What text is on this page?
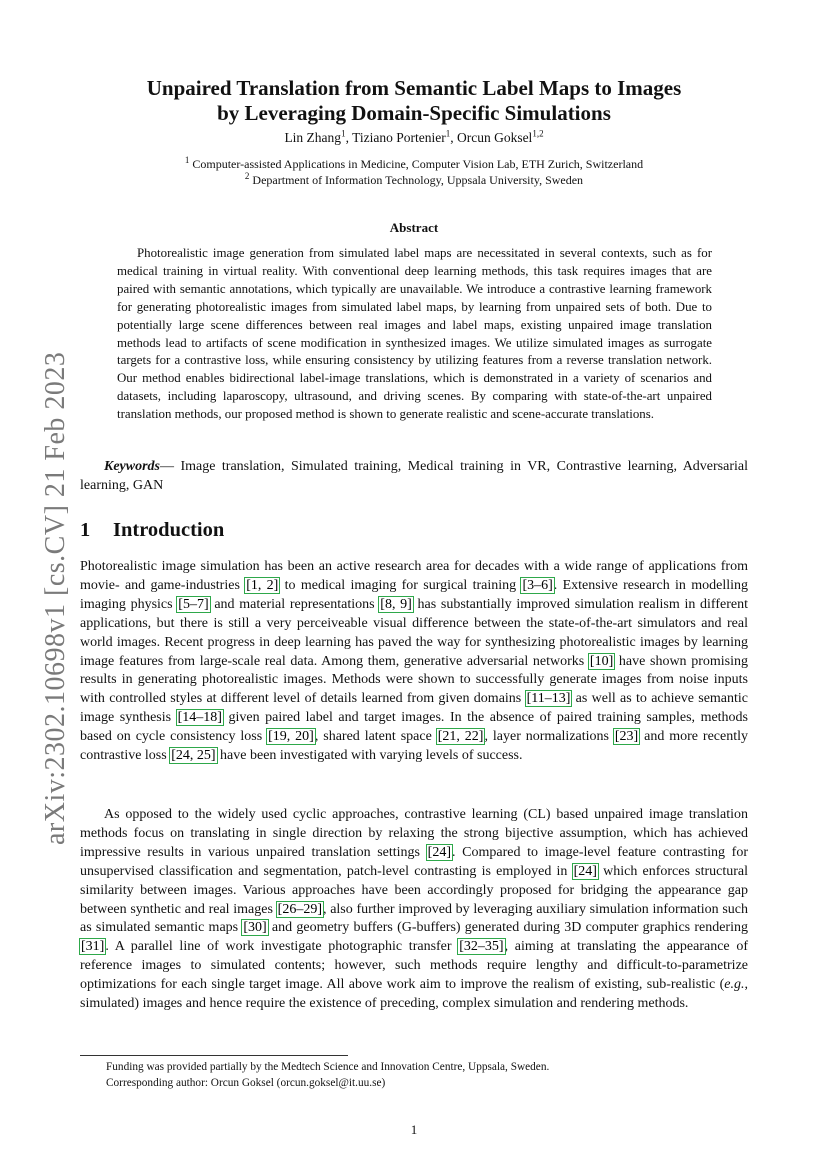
arXiv:2302.10698v1 [cs.CV] 21 Feb 2023
Unpaired Translation from Semantic Label Maps to Images
by Leveraging Domain-Specific Simulations
Lin Zhang$^1$, Tiziano Portenier$^1$, Orcun Goksel$^{1,2}$
$^1$ Computer-assisted Applications in Medicine, Computer Vision Lab, ETH Zurich, Switzerland
$^2$ Department of Information Technology, Uppsala University, Sweden
Abstract
Photorealistic image generation from simulated label maps are necessitated in several contexts, such as for medical training in virtual reality. With conventional deep learning methods, this task requires images that are paired with semantic annotations, which typically are unavailable. We introduce a contrastive learning framework for generating photorealistic images from simulated label maps, by learning from unpaired sets of both. Due to potentially large scene differences between real images and label maps, existing unpaired image translation methods lead to artifacts of scene modification in synthesized images. We utilize simulated images as surrogate targets for a contrastive loss, while ensuring consistency by utilizing features from a reverse translation network. Our method enables bidirectional label-image translations, which is demonstrated in a variety of scenarios and datasets, including laparoscopy, ultrasound, and driving scenes. By comparing with state-of-the-art unpaired translation methods, our proposed method is shown to generate realistic and scene-accurate translations.
Keywords— Image translation, Simulated training, Medical training in VR, Contrastive learning, Adversarial learning, GAN
1 Introduction
Photorealistic image simulation has been an active research area for decades with a wide range of applications from movie- and game-industries [1, 2] to medical imaging for surgical training [3–6]. Extensive research in modelling imaging physics [5–7] and material representations [8, 9] has substantially improved simulation realism in different applications, but there is still a very perceiveable visual difference between the state-of-the-art simulators and real world images. Recent progress in deep learning has paved the way for synthesizing photorealistic images by learning image features from large-scale real data. Among them, generative adversarial networks [10] have shown promising results in generating photorealistic images. Methods were shown to successfully generate images from noise inputs with controlled styles at different level of details learned from given domains [11–13] as well as to achieve semantic image synthesis [14–18] given paired label and target images. In the absence of paired training samples, methods based on cycle consistency loss [19, 20], shared latent space [21, 22], layer normalizations [23] and more recently contrastive loss [24, 25] have been investigated with varying levels of success.
As opposed to the widely used cyclic approaches, contrastive learning (CL) based unpaired image translation methods focus on translating in single direction by relaxing the strong bijective assumption, which has achieved impressive results in various unpaired translation settings [24]. Compared to image-level feature contrasting for unsupervised classification and segmentation, patch-level contrasting is employed in [24] which enforces structural similarity between images. Various approaches have been accordingly proposed for bridging the appearance gap between synthetic and real images [26–29], also further improved by leveraging auxiliary simulation information such as simulated semantic maps [30] and geometry buffers (G-buffers) generated during 3D computer graphics rendering [31]. A parallel line of work investigate photographic transfer [32–35], aiming at translating the appearance of reference images to simulated contents; however, such methods require lengthy and difficult-to-parametrize optimizations for each single target image. All above work aim to improve the realism of existing, sub-realistic (e.g., simulated) images and hence require the existence of preceding, complex simulation and rendering methods.
Funding was provided partially by the Medtech Science and Innovation Centre, Uppsala, Sweden.
Corresponding author: Orcun Goksel (orcun.goksel@it.uu.se)
1
